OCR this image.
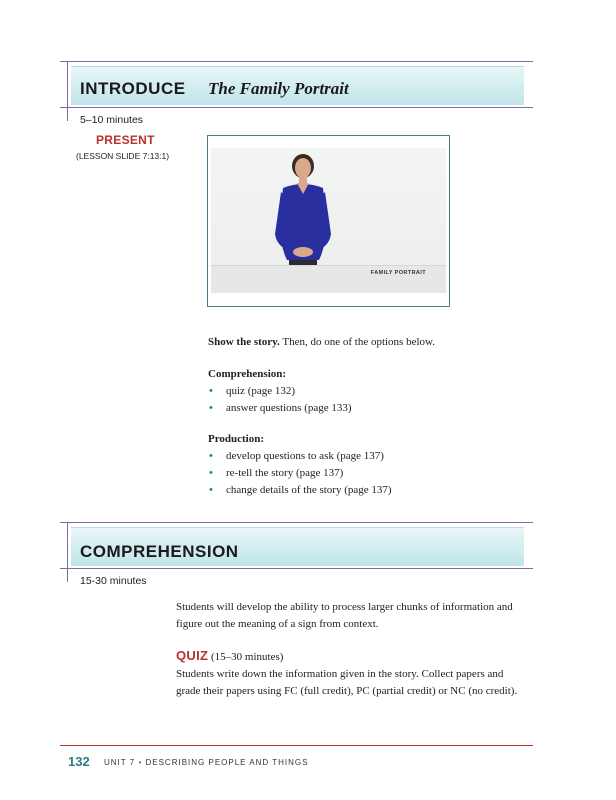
INTRODUCE The Family Portrait
5–10 minutes
PRESENT
(LESSON SLIDE 7:13:1)
FAMILY PORTRAIT
Show the story. Then, do one of the options below.
Comprehension:
• quiz (page 132)
• answer questions (page 133)
Production:
• develop questions to ask (page 137)
• re-tell the story (page 137)
• change details of the story (page 137)
COMPREHENSION
15-30 minutes
Students will develop the ability to process larger chunks of information and figure out the meaning of a sign from context.
QUIZ (15–30 minutes)
Students write down the information given in the story. Collect papers and grade their papers using FC (full credit), PC (partial credit) or NC (no credit).
132 UNIT 7 • DESCRIBING PEOPLE AND THINGS
